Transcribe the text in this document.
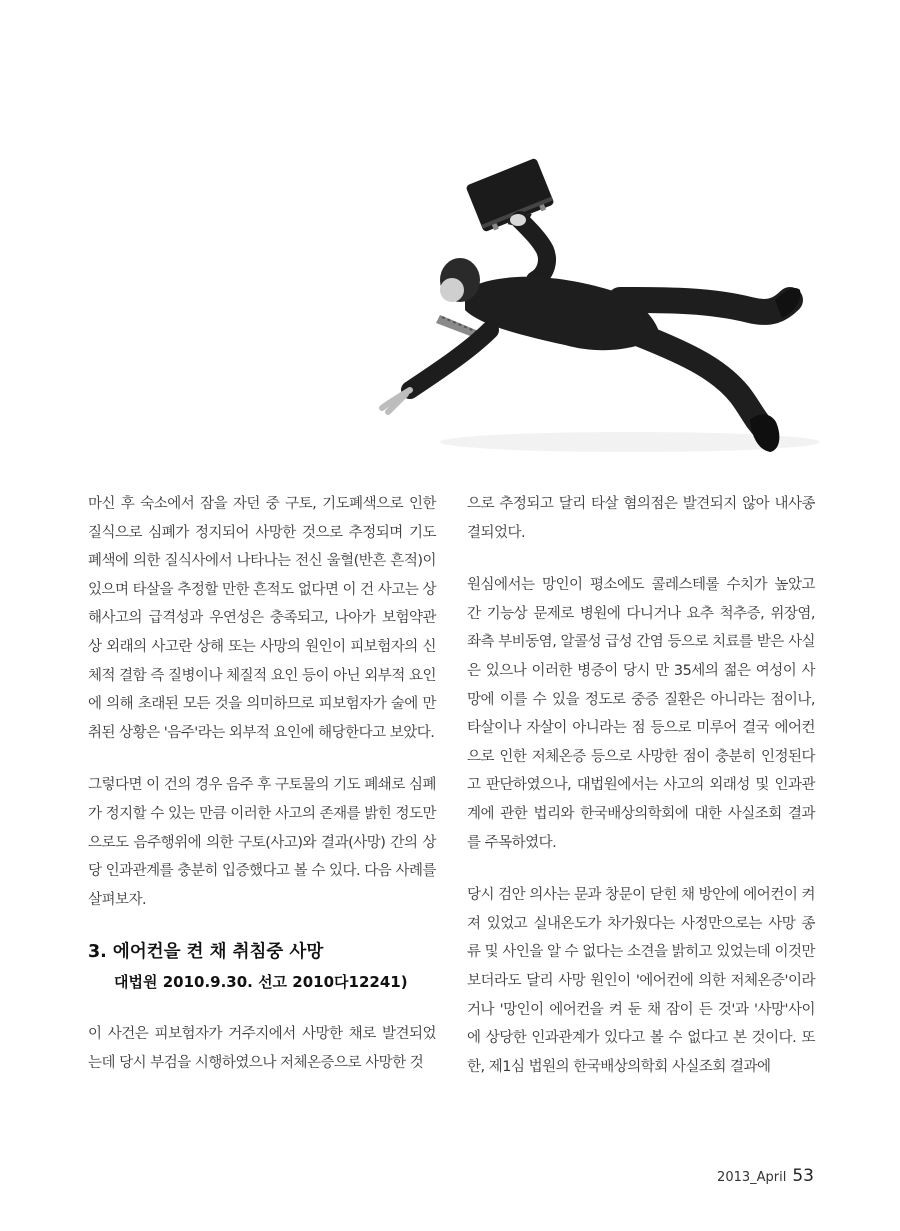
마신 후 숙소에서 잠을 자던 중 구토, 기도폐색으로 인한 질식으로 심폐가 정지되어 사망한 것으로 추정되며 기도폐색에 의한 질식사에서 나타나는 전신 울혈(반흔 흔적)이 있으며 타살을 추정할 만한 흔적도 없다면 이 건 사고는 상해사고의 급격성과 우연성은 충족되고, 나아가 보험약관상 외래의 사고란 상해 또는 사망의 원인이 피보험자의 신체적 결함 즉 질병이나 체질적 요인 등이 아닌 외부적 요인에 의해 초래된 모든 것을 의미하므로 피보험자가 술에 만취된 상황은 '음주'라는 외부적 요인에 해당한다고 보았다.

그렇다면 이 건의 경우 음주 후 구토물의 기도 폐쇄로 심폐가 정지할 수 있는 만큼 이러한 사고의 존재를 밝힌 정도만으로도 음주행위에 의한 구토(사고)와 결과(사망) 간의 상당 인과관계를 충분히 입증했다고 볼 수 있다. 다음 사례를 살펴보자.

3. 에어컨을 켠 채 취침중 사망
대법원 2010.9.30. 선고 2010다12241)

이 사건은 피보험자가 거주지에서 사망한 채로 발견되었는데 당시 부검을 시행하였으나 저체온증으로 사망한 것

으로 추정되고 달리 타살 혐의점은 발견되지 않아 내사종결되었다.

원심에서는 망인이 평소에도 콜레스테롤 수치가 높았고 간 기능상 문제로 병원에 다니거나 요추 척추증, 위장염, 좌측 부비동염, 알콜성 급성 간염 등으로 치료를 받은 사실은 있으나 이러한 병증이 당시 만 35세의 젊은 여성이 사망에 이를 수 있을 정도로 중증 질환은 아니라는 점이나, 타살이나 자살이 아니라는 점 등으로 미루어 결국 에어컨으로 인한 저체온증 등으로 사망한 점이 충분히 인정된다고 판단하였으나, 대법원에서는 사고의 외래성 및 인과관계에 관한 법리와 한국배상의학회에 대한 사실조회 결과를 주목하였다.

당시 검안 의사는 문과 창문이 닫힌 채 방안에 에어컨이 켜져 있었고 실내온도가 차가웠다는 사정만으로는 사망 종류 및 사인을 알 수 없다는 소견을 밝히고 있었는데 이것만 보더라도 달리 사망 원인이 '에어컨에 의한 저체온증'이라거나 '망인이 에어컨을 켜 둔 채 잠이 든 것'과 '사망'사이에 상당한 인과관계가 있다고 볼 수 없다고 본 것이다. 또한, 제1심 법원의 한국배상의학회 사실조회 결과에

2013_April 53
